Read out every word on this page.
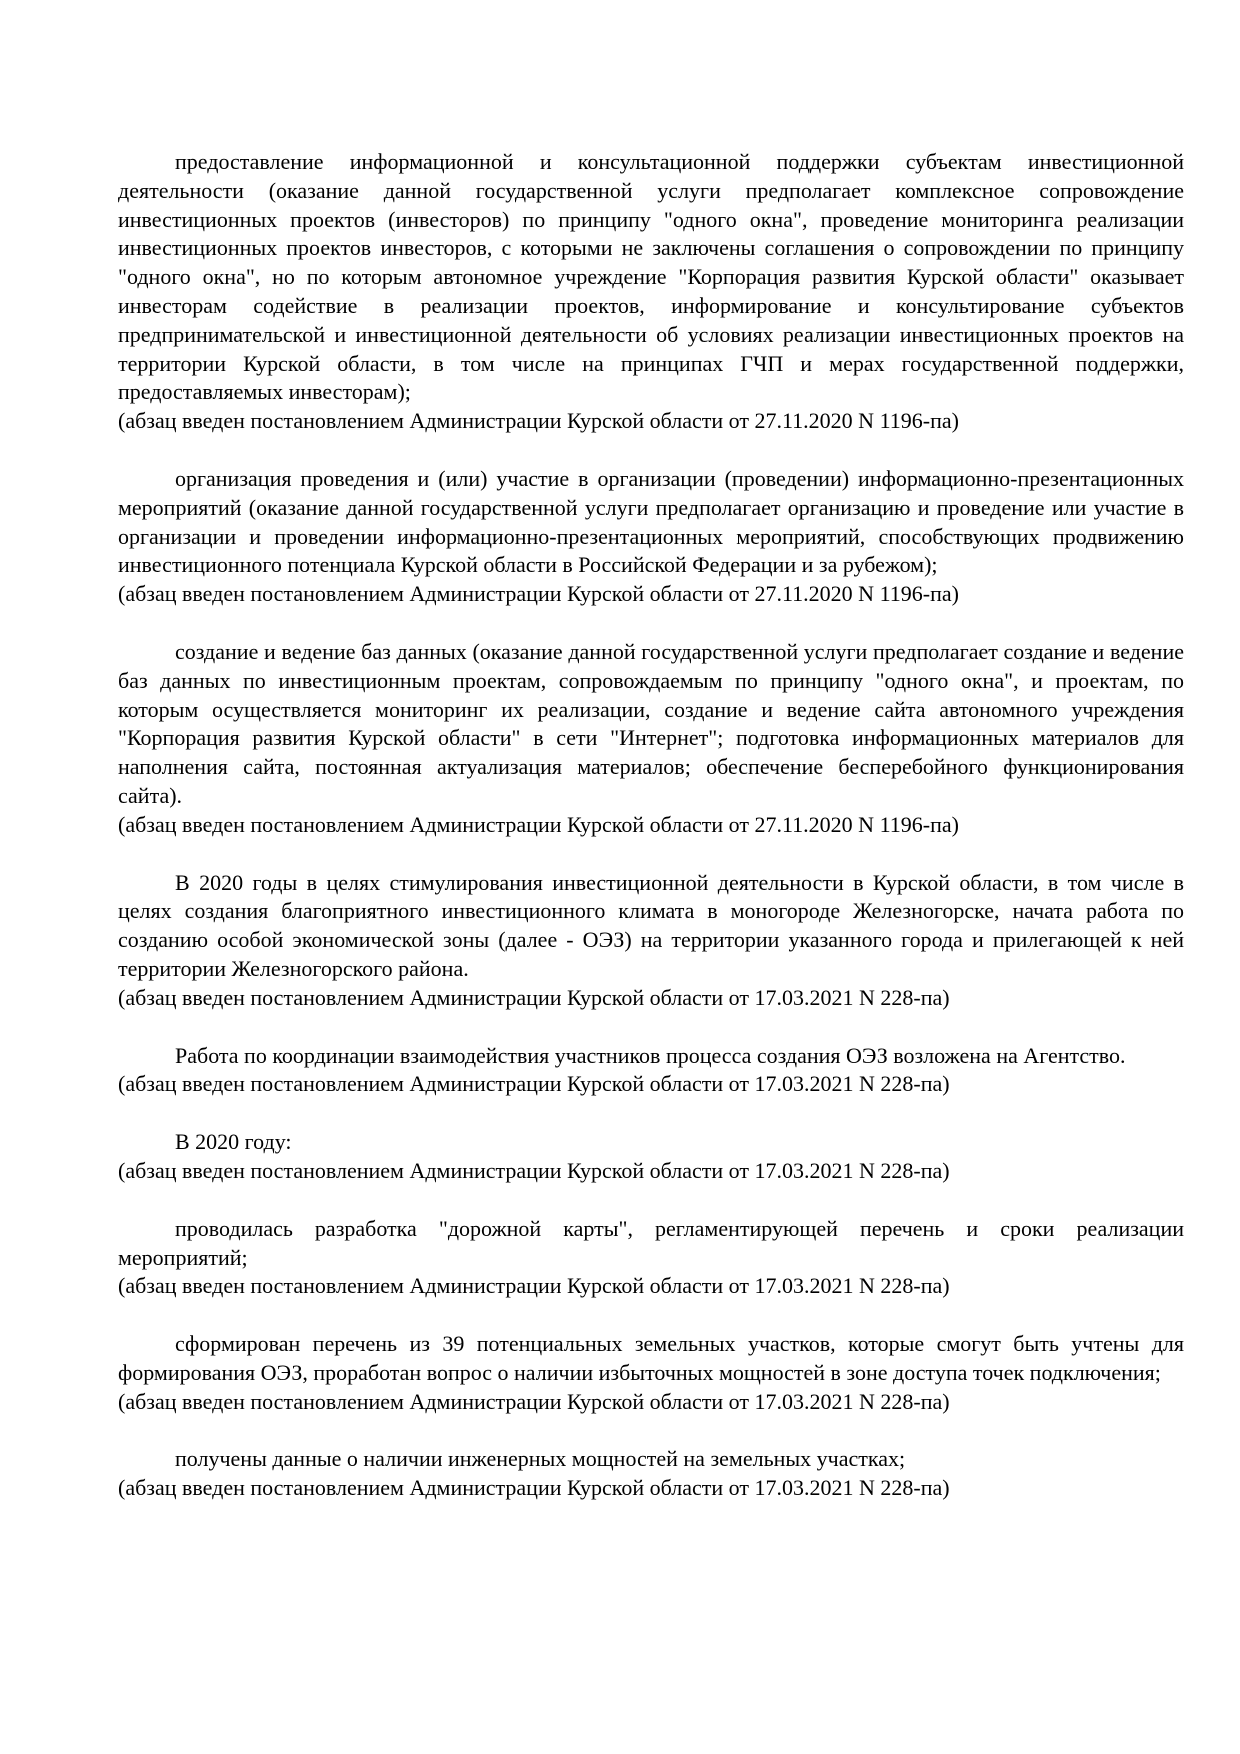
предоставление информационной и консультационной поддержки субъектам инвестиционной деятельности (оказание данной государственной услуги предполагает комплексное сопровождение инвестиционных проектов (инвесторов) по принципу "одного окна", проведение мониторинга реализации инвестиционных проектов инвесторов, с которыми не заключены соглашения о сопровождении по принципу "одного окна", но по которым автономное учреждение "Корпорация развития Курской области" оказывает инвесторам содействие в реализации проектов, информирование и консультирование субъектов предпринимательской и инвестиционной деятельности об условиях реализации инвестиционных проектов на территории Курской области, в том числе на принципах ГЧП и мерах государственной поддержки, предоставляемых инвесторам);

(абзац введен постановлением Администрации Курской области от 27.11.2020 N 1196-па)

организация проведения и (или) участие в организации (проведении) информационно-презентационных мероприятий (оказание данной государственной услуги предполагает организацию и проведение или участие в организации и проведении информационно-презентационных мероприятий, способствующих продвижению инвестиционного потенциала Курской области в Российской Федерации и за рубежом);

(абзац введен постановлением Администрации Курской области от 27.11.2020 N 1196-па)

создание и ведение баз данных (оказание данной государственной услуги предполагает создание и ведение баз данных по инвестиционным проектам, сопровождаемым по принципу "одного окна", и проектам, по которым осуществляется мониторинг их реализации, создание и ведение сайта автономного учреждения "Корпорация развития Курской области" в сети "Интернет"; подготовка информационных материалов для наполнения сайта, постоянная актуализация материалов; обеспечение бесперебойного функционирования сайта).

(абзац введен постановлением Администрации Курской области от 27.11.2020 N 1196-па)

В 2020 годы в целях стимулирования инвестиционной деятельности в Курской области, в том числе в целях создания благоприятного инвестиционного климата в моногороде Железногорске, начата работа по созданию особой экономической зоны (далее - ОЭЗ) на территории указанного города и прилегающей к ней территории Железногорского района.

(абзац введен постановлением Администрации Курской области от 17.03.2021 N 228-па)

Работа по координации взаимодействия участников процесса создания ОЭЗ возложена на Агентство.

(абзац введен постановлением Администрации Курской области от 17.03.2021 N 228-па)

В 2020 году:

(абзац введен постановлением Администрации Курской области от 17.03.2021 N 228-па)

проводилась разработка "дорожной карты", регламентирующей перечень и сроки реализации мероприятий;

(абзац введен постановлением Администрации Курской области от 17.03.2021 N 228-па)

сформирован перечень из 39 потенциальных земельных участков, которые смогут быть учтены для формирования ОЭЗ, проработан вопрос о наличии избыточных мощностей в зоне доступа точек подключения;

(абзац введен постановлением Администрации Курской области от 17.03.2021 N 228-па)

получены данные о наличии инженерных мощностей на земельных участках;

(абзац введен постановлением Администрации Курской области от 17.03.2021 N 228-па)
